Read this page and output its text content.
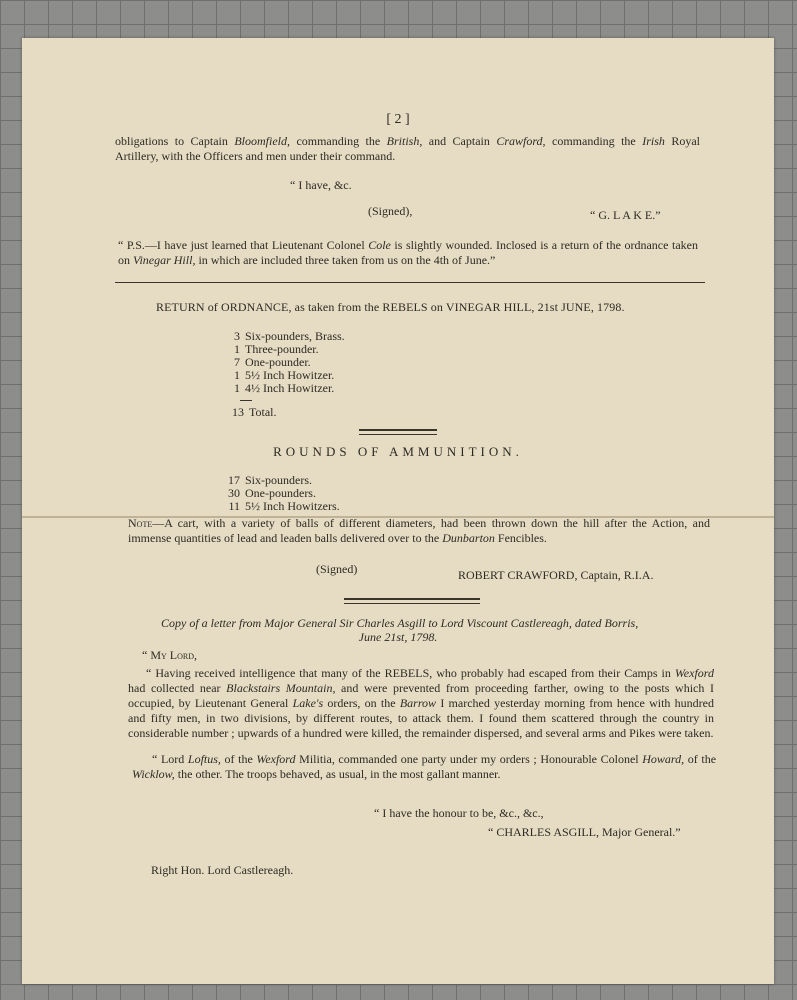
[ 2 ]

obligations to Captain Bloomfield, commanding the British, and Captain Crawford, commanding the Irish Royal Artillery, with the Officers and men under their command.

“ I have, &c.

(Signed),	“ G. L A K E.”

“ P.S.—I have just learned that Lieutenant Colonel Cole is slightly wounded. Inclosed is a return of the ordnance taken on Vinegar Hill, in which are included three taken from us on the 4th of June.”

RETURN of ORDNANCE, as taken from the REBELS on VINEGAR HILL, 21st JUNE, 1798.

3 Six-pounders, Brass.
1 Three-pounder.
7 One-pounder.
1 5½ Inch Howitzer.
1 4½ Inch Howitzer.
13 Total.

ROUNDS OF AMMUNITION.

17 Six-pounders.
30 One-pounders.
11 5½ Inch Howitzers.

Note—A cart, with a variety of balls of different diameters, had been thrown down the hill after the Action, and immense quantities of lead and leaden balls delivered over to the Dunbarton Fencibles.

(Signed)	ROBERT CRAWFORD, Captain, R.I.A.

Copy of a letter from Major General Sir Charles Asgill to Lord Viscount Castlereagh, dated Borris,

June 21st, 1798.

“ My Lord,

“ Having received intelligence that many of the REBELS, who probably had escaped from their Camps in Wexford had collected near Blackstairs Mountain, and were prevented from proceeding farther, owing to the posts which I occupied, by Lieutenant General Lake's orders, on the Barrow I marched yesterday morning from hence with hundred and fifty men, in two divisions, by different routes, to attack them. I found them scattered through the country in considerable number ; upwards of a hundred were killed, the remainder dispersed, and several arms and Pikes were taken.

“ Lord Loftus, of the Wexford Militia, commanded one party under my orders ; Honourable Colonel Howard, of the Wicklow, the other. The troops behaved, as usual, in the most gallant manner.

“ I have the honour to be, &c., &c.,

“ CHARLES ASGILL, Major General.”

Right Hon. Lord Castlereagh.
